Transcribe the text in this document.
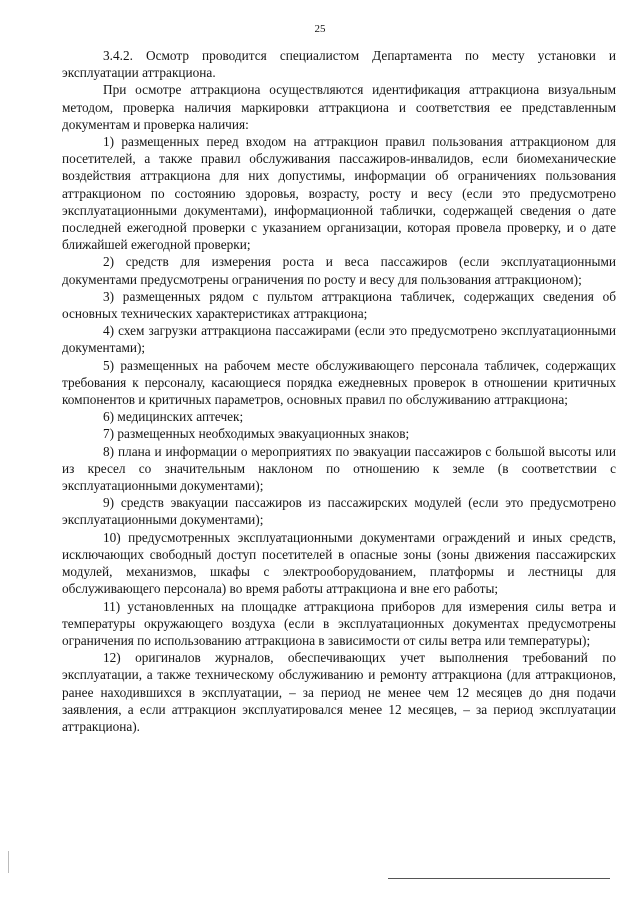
25

3.4.2. Осмотр проводится специалистом Департамента по месту установки и эксплуатации аттракциона.

При осмотре аттракциона осуществляются идентификация аттракциона визуальным методом, проверка наличия маркировки аттракциона и соответствия ее представленным документам и проверка наличия:

1) размещенных перед входом на аттракцион правил пользования аттракционом для посетителей, а также правил обслуживания пассажиров-инвалидов, если биомеханические воздействия аттракциона для них допустимы, информации об ограничениях пользования аттракционом по состоянию здоровья, возрасту, росту и весу (если это предусмотрено эксплуатационными документами), информационной таблички, содержащей сведения о дате последней ежегодной проверки с указанием организации, которая провела проверку, и о дате ближайшей ежегодной проверки;

2) средств для измерения роста и веса пассажиров (если эксплуатационными документами предусмотрены ограничения по росту и весу для пользования аттракционом);

3) размещенных рядом с пультом аттракциона табличек, содержащих сведения об основных технических характеристиках аттракциона;

4) схем загрузки аттракциона пассажирами (если это предусмотрено эксплуатационными документами);

5) размещенных на рабочем месте обслуживающего персонала табличек, содержащих требования к персоналу, касающиеся порядка ежедневных проверок в отношении критичных компонентов и критичных параметров, основных правил по обслуживанию аттракциона;

6) медицинских аптечек;

7) размещенных необходимых эвакуационных знаков;

8) плана и информации о мероприятиях по эвакуации пассажиров с большой высоты или из кресел со значительным наклоном по отношению к земле (в соответствии с эксплуатационными документами);

9) средств эвакуации пассажиров из пассажирских модулей (если это предусмотрено эксплуатационными документами);

10) предусмотренных эксплуатационными документами ограждений и иных средств, исключающих свободный доступ посетителей в опасные зоны (зоны движения пассажирских модулей, механизмов, шкафы с электрооборудованием, платформы и лестницы для обслуживающего персонала) во время работы аттракциона и вне его работы;

11) установленных на площадке аттракциона приборов для измерения силы ветра и температуры окружающего воздуха (если в эксплуатационных документах предусмотрены ограничения по использованию аттракциона в зависимости от силы ветра или температуры);

12) оригиналов журналов, обеспечивающих учет выполнения требований по эксплуатации, а также техническому обслуживанию и ремонту аттракциона (для аттракционов, ранее находившихся в эксплуатации, – за период не менее чем 12 месяцев до дня подачи заявления, а если аттракцион эксплуатировался менее 12 месяцев, – за период эксплуатации аттракциона).
